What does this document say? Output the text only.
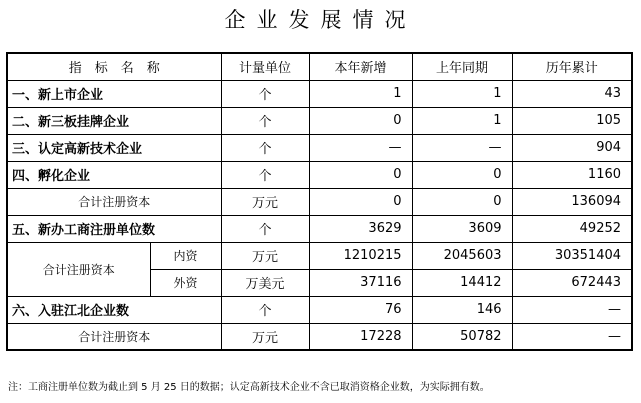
企业发展情况
指　标　名　称		计量单位	本年新增	上年同期	历年累计
一、新上市企业		个	1	1	43
二、新三板挂牌企业		个	0	1	105
三、认定高新技术企业		个	—	—	904
四、孵化企业		个	0	0	1160
合计注册资本		万元	0	0	136094
五、新办工商注册单位数		个	3629	3609	49252
合计注册资本	内资	万元	1210215	2045603	30351404
	外资	万美元	37116	14412	672443
六、入驻江北企业数		个	76	146	—
合计注册资本		万元	17228	50782	—
注：工商注册单位数为截止到 5 月 25 日的数据；认定高新技术企业不含已取消资格企业数，为实际拥有数。
